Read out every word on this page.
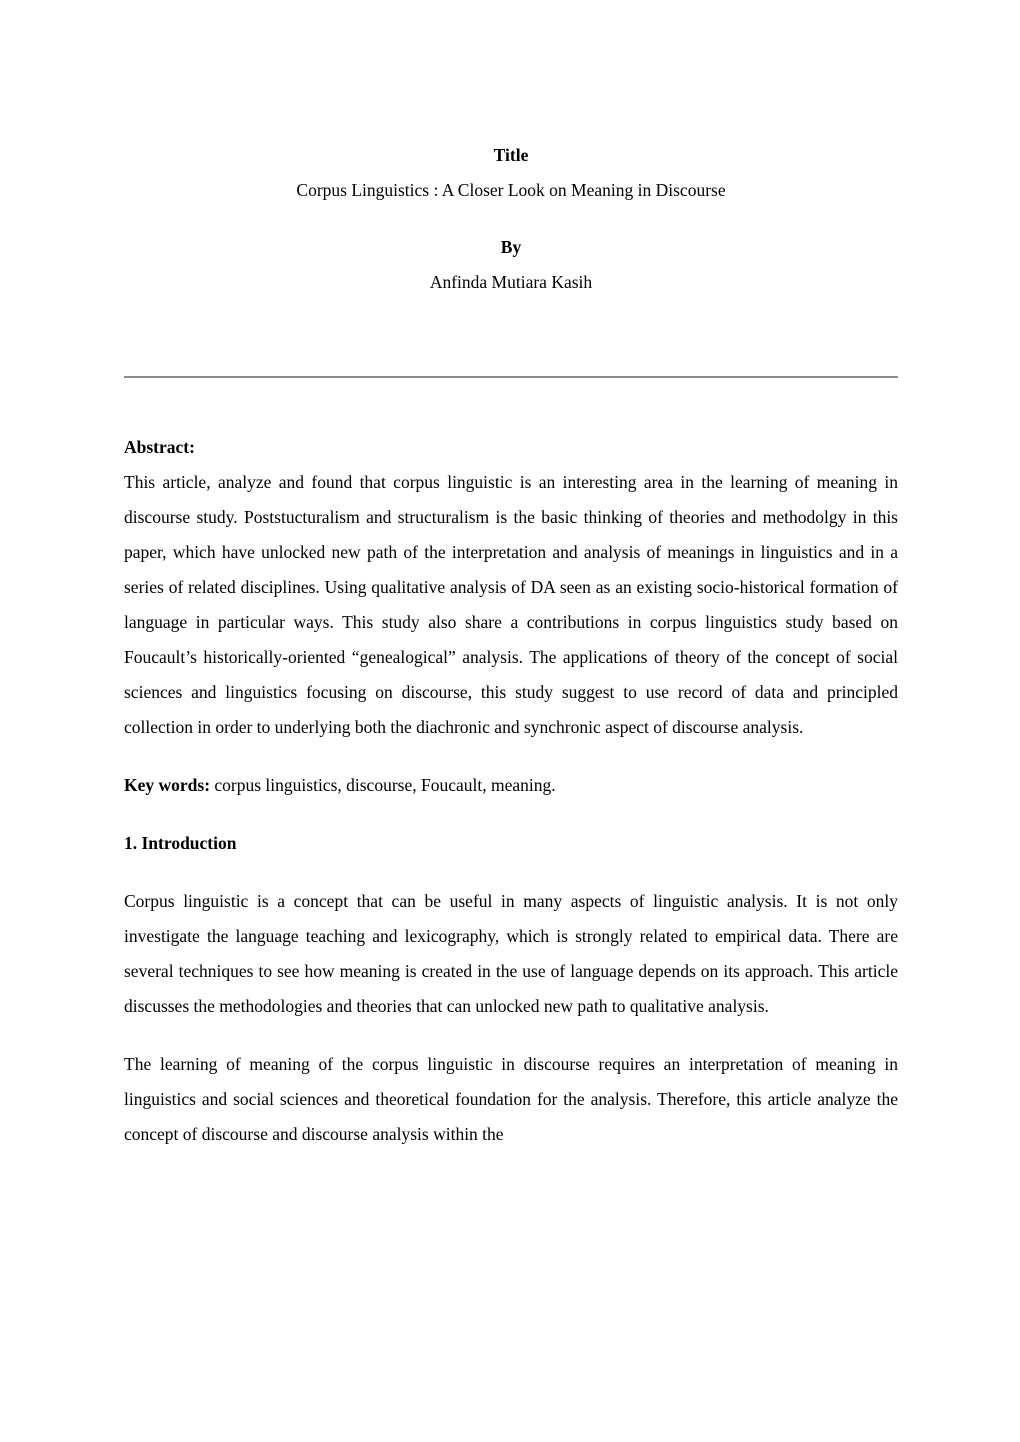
Title
Corpus Linguistics : A Closer Look on Meaning in Discourse
By
Anfinda Mutiara Kasih
Abstract:

This article, analyze and found that corpus linguistic is an interesting area in the learning of meaning in discourse study. Poststucturalism and structuralism is the basic thinking of theories and methodolgy in this paper, which have unlocked new path of the interpretation and analysis of meanings in linguistics and in a series of related disciplines. Using qualitative analysis of DA seen as an existing socio-historical formation of language in particular ways. This study also share a contributions in corpus linguistics study based on Foucault’s historically-oriented “genealogical” analysis. The applications of theory of the concept of social sciences and linguistics focusing on discourse, this study suggest to use record of data and principled collection in order to underlying both the diachronic and synchronic aspect of discourse analysis.

Key words: corpus linguistics, discourse, Foucault, meaning.

1. Introduction

Corpus linguistic is a concept that can be useful in many aspects of linguistic analysis. It is not only investigate the language teaching and lexicography, which is strongly related to empirical data. There are several techniques to see how meaning is created in the use of language depends on its approach. This article discusses the methodologies and theories that can unlocked new path to qualitative analysis.

The learning of meaning of the corpus linguistic in discourse requires an interpretation of meaning in linguistics and social sciences and theoretical foundation for the analysis. Therefore, this article analyze the concept of discourse and discourse analysis within the
